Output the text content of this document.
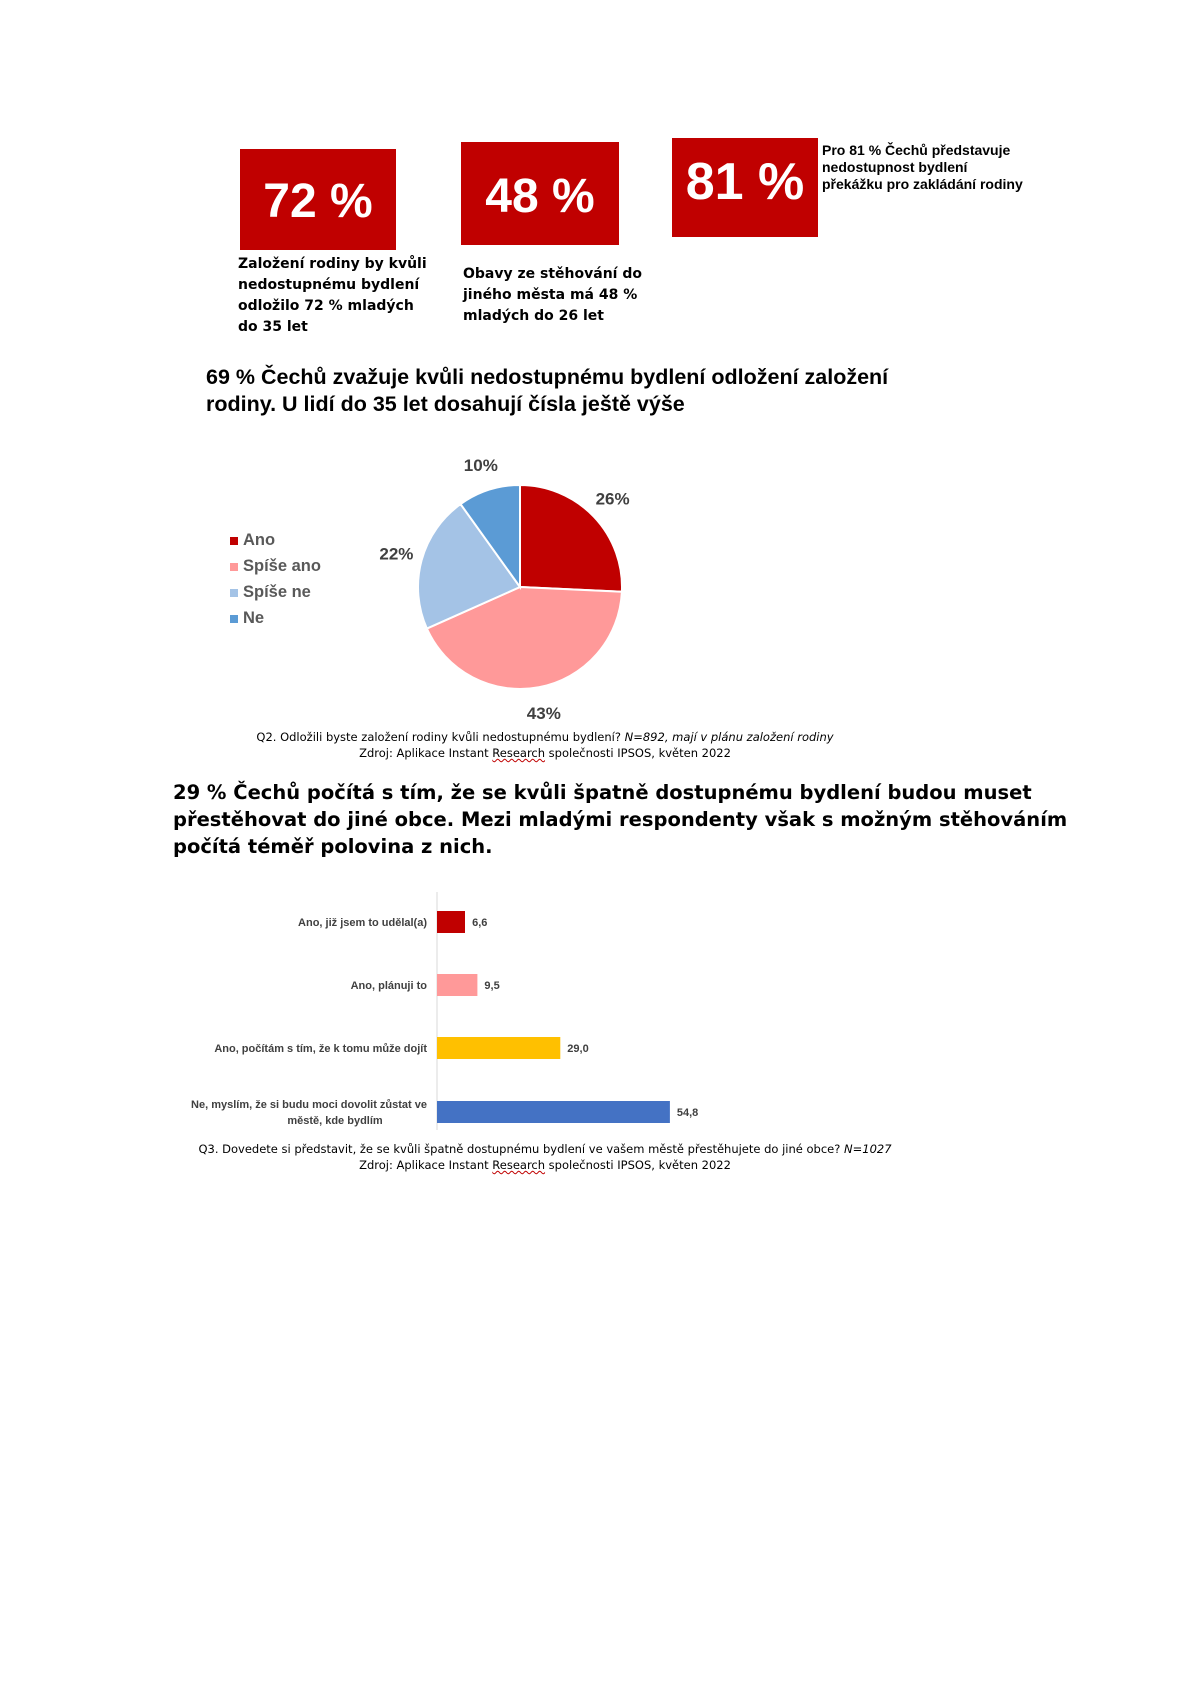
72 % 48 % 81 %
Založení rodiny by kvůli
nedostupnému bydlení
odložilo 72 % mladých
do 35 let
Obavy ze stěhování do
jiného města má 48 %
mladých do 26 let
Pro 81 % Čechů představuje
nedostupnost bydlení
překážku pro zakládání rodiny
69 % Čechů zvažuje kvůli nedostupnému bydlení odložení založení
rodiny. U lidí do 35 let dosahují čísla ještě výše
Ano
Spíše ano
Spíše ne
Ne
26%
43%
22%
10%
Q2. Odložili byste založení rodiny kvůli nedostupnému bydlení? N=892, mají v plánu založení rodiny
Zdroj: Aplikace Instant Research společnosti IPSOS, květen 2022
29 % Čechů počítá s tím, že se kvůli špatně dostupnému bydlení budou muset
přestěhovat do jiné obce. Mezi mladými respondenty však s možným stěhováním
počítá téměř polovina z nich.
6,6
Ano, již jsem to udělal(a)
9,5
Ano, plánuji to
29,0
Ano, počítám s tím, že k tomu může dojít
54,8
Ne, myslím, že si budu moci dovolit zůstat ve
městě, kde bydlím
Q3. Dovedete si představit, že se kvůli špatně dostupnému bydlení ve vašem městě přestěhujete do jiné obce? N=1027
Zdroj: Aplikace Instant Research společnosti IPSOS, květen 2022
